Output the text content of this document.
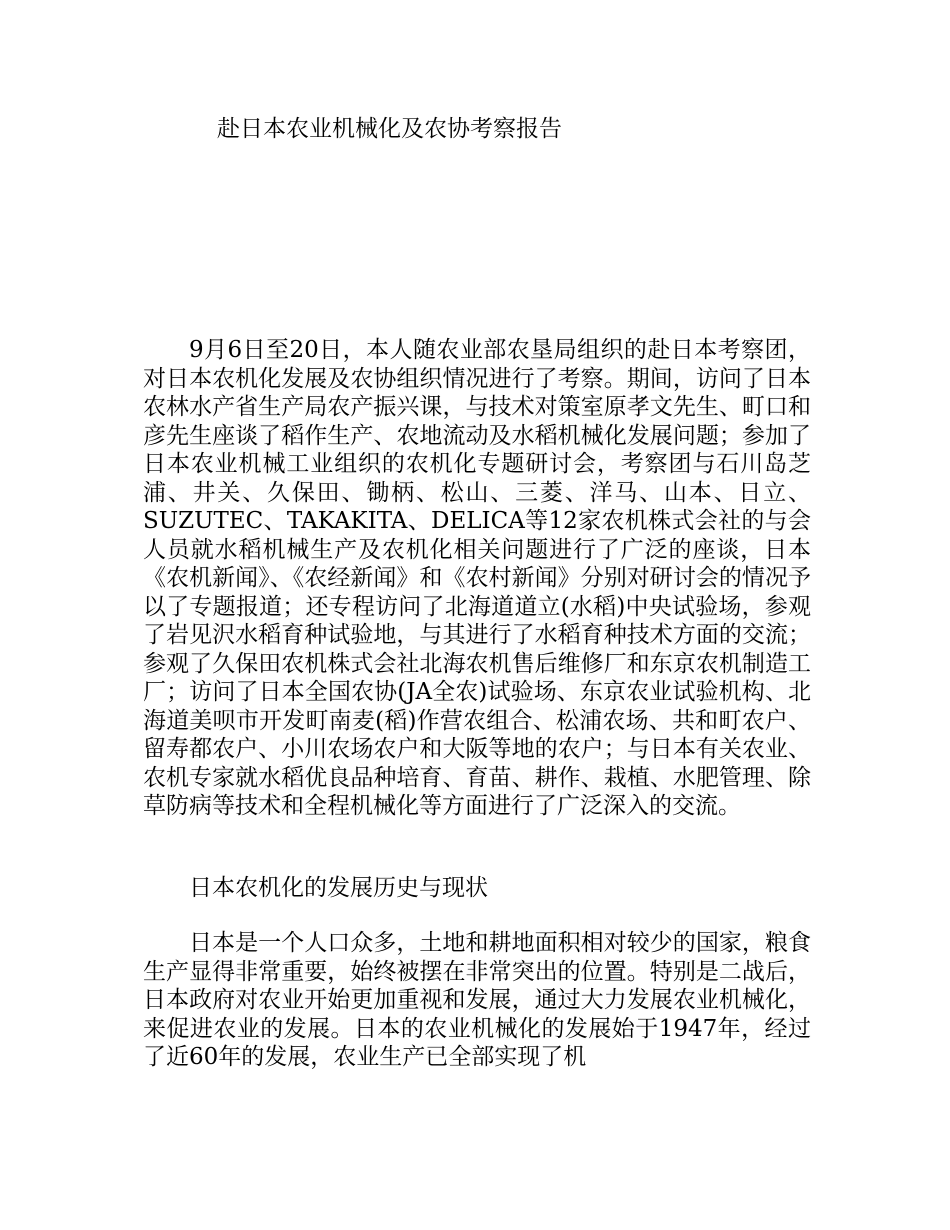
赴日本农业机械化及农协考察报告

9月6日至20日，本人随农业部农垦局组织的赴日本考察团，对日本农机化发展及农协组织情况进行了考察。期间，访问了日本农林水产省生产局农产振兴课，与技术对策室原孝文先生、町口和彦先生座谈了稻作生产、农地流动及水稻机械化发展问题；参加了日本农业机械工业组织的农机化专题研讨会，考察团与石川岛芝浦、井关、久保田、锄柄、松山、三菱、洋马、山本、日立、SUZUTEC、TAKAKITA、DELICA等12家农机株式会社的与会人员就水稻机械生产及农机化相关问题进行了广泛的座谈，日本《农机新闻》、《农经新闻》和《农村新闻》分别对研讨会的情况予以了专题报道；还专程访问了北海道道立(水稻)中央试验场，参观了岩见沢水稻育种试验地，与其进行了水稻育种技术方面的交流；参观了久保田农机株式会社北海农机售后维修厂和东京农机制造工厂；访问了日本全国农协(JA全农)试验场、东京农业试验机构、北海道美呗市开发町南麦(稻)作营农组合、松浦农场、共和町农户、留寿都农户、小川农场农户和大阪等地的农户；与日本有关农业、农机专家就水稻优良品种培育、育苗、耕作、栽植、水肥管理、除草防病等技术和全程机械化等方面进行了广泛深入的交流。

日本农机化的发展历史与现状

日本是一个人口众多，土地和耕地面积相对较少的国家，粮食生产显得非常重要，始终被摆在非常突出的位置。特别是二战后，日本政府对农业开始更加重视和发展，通过大力发展农业机械化，来促进农业的发展。日本的农业机械化的发展始于1947年，经过了近60年的发展，农业生产已全部实现了机
